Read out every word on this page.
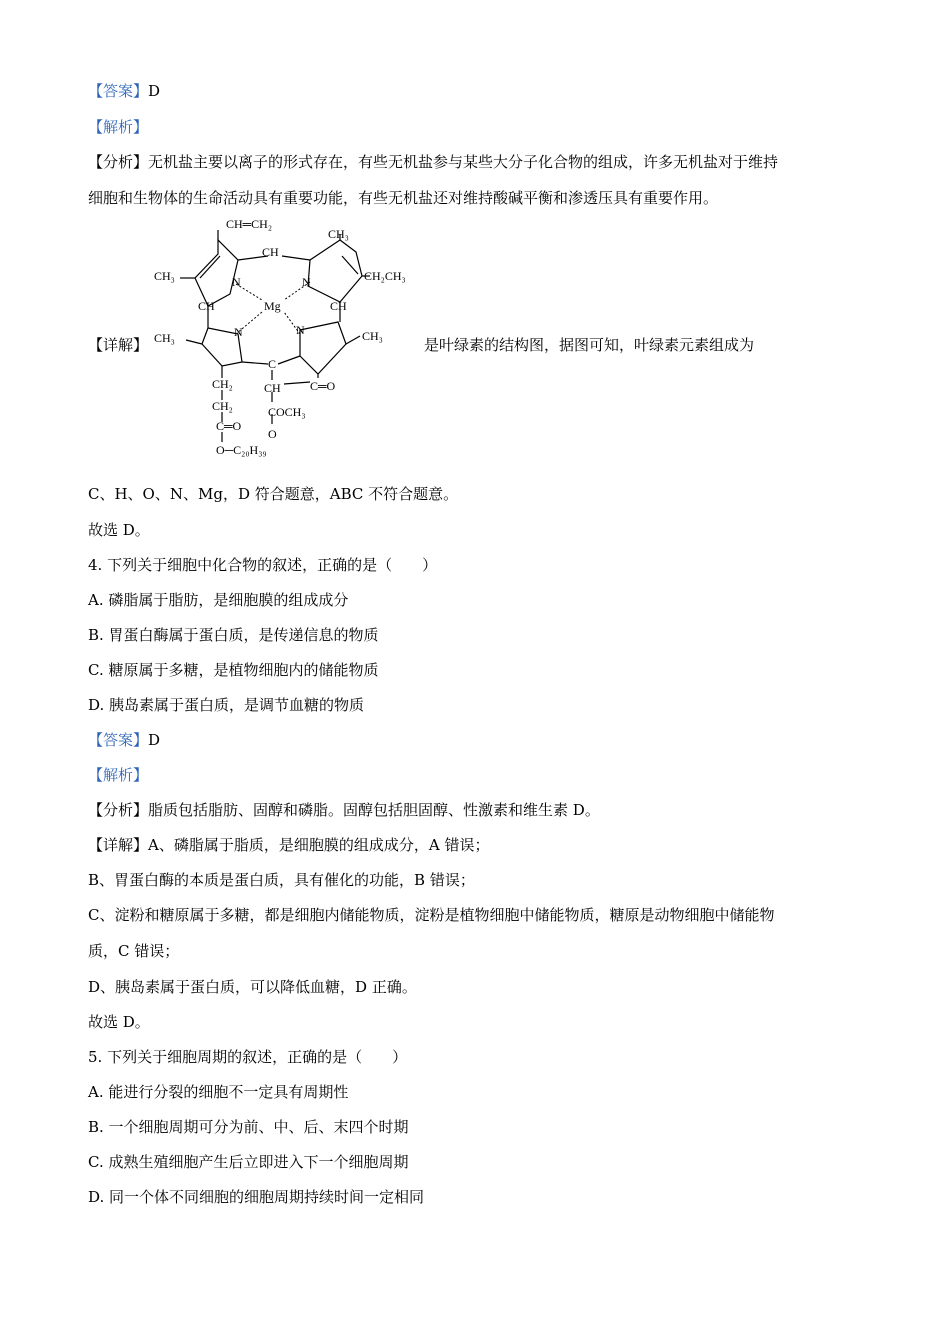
【答案】D
【解析】
【分析】无机盐主要以离子的形式存在，有些无机盐参与某些大分子化合物的组成，许多无机盐对于维持
细胞和生物体的生命活动具有重要功能，有些无机盐还对维持酸碱平衡和渗透压具有重要作用。
【详解】
CH═CH₂
CH₃
CH
CH₃
N	N	CH₂CH₃
CH	Mg	CH
CH₃	N	N	CH₃
C
CH₂	CH C═O
CH₂	COCH₃
O
C═O
O─C₂₀H₃₉
是叶绿素的结构图，据图可知，叶绿素元素组成为
C、H、O、N、Mg，D 符合题意，ABC 不符合题意。
故选 D。
4. 下列关于细胞中化合物的叙述，正确的是（　　）
A. 磷脂属于脂肪，是细胞膜的组成成分
B. 胃蛋白酶属于蛋白质，是传递信息的物质
C. 糖原属于多糖，是植物细胞内的储能物质
D. 胰岛素属于蛋白质，是调节血糖的物质
【答案】D
【解析】
【分析】脂质包括脂肪、固醇和磷脂。固醇包括胆固醇、性激素和维生素 D。
【详解】A、磷脂属于脂质，是细胞膜的组成成分，A 错误；
B、胃蛋白酶的本质是蛋白质，具有催化的功能，B 错误；
C、淀粉和糖原属于多糖，都是细胞内储能物质，淀粉是植物细胞中储能物质，糖原是动物细胞中储能物
质，C 错误；
D、胰岛素属于蛋白质，可以降低血糖，D 正确。
故选 D。
5. 下列关于细胞周期的叙述，正确的是（　　）
A. 能进行分裂的细胞不一定具有周期性
B. 一个细胞周期可分为前、中、后、末四个时期
C. 成熟生殖细胞产生后立即进入下一个细胞周期
D. 同一个体不同细胞的细胞周期持续时间一定相同
